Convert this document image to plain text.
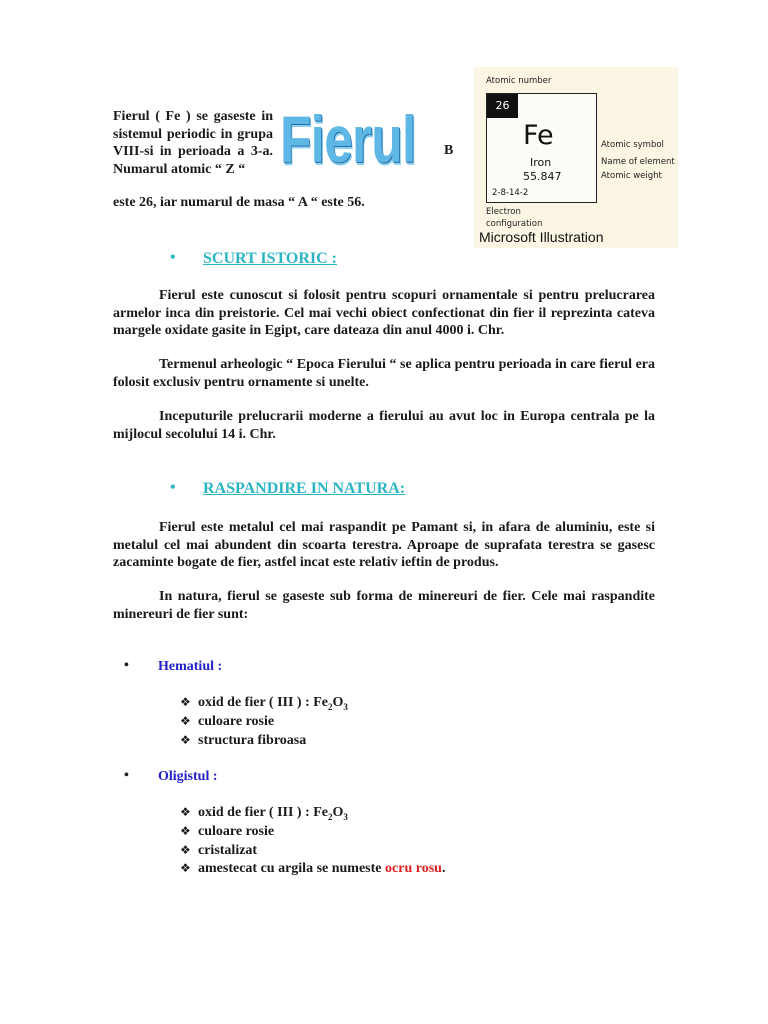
Fierul ( Fe ) se gaseste in sistemul periodic in grupa VIII-si in perioada a 3-a. Numarul atomic “ Z “
este 26, iar numarul de masa “ A “ este 56.
Fierul B
Atomic number
26
Fe
Iron
55.847
2-8-14-2
Atomic symbol
Name of element
Atomic weight
Electron
configuration
Microsoft Illustration
• SCURT ISTORIC :
Fierul este cunoscut si folosit pentru scopuri ornamentale si pentru prelucrarea armelor inca din preistorie. Cel mai vechi obiect confectionat din fier il reprezinta cateva margele oxidate gasite in Egipt, care dateaza din anul 4000 i. Chr.
Termenul arheologic “ Epoca Fierului “ se aplica pentru perioada in care fierul era folosit exclusiv pentru ornamente si unelte.
Inceputurile prelucrarii moderne a fierului au avut loc in Europa centrala pe la mijlocul secolului 14 i. Chr.
• RASPANDIRE IN NATURA:
Fierul este metalul cel mai raspandit pe Pamant si, in afara de aluminiu, este si metalul cel mai abundent din scoarta terestra. Aproape de suprafata terestra se gasesc zacaminte bogate de fier, astfel incat este relativ ieftin de produs.
In natura, fierul se gaseste sub forma de minereuri de fier. Cele mai raspandite minereuri de fier sunt:
• Hematiul :
❖ oxid de fier ( III ) : $Fe_2O_3$
❖ culoare rosie
❖ structura fibroasa
• Oligistul :
❖ oxid de fier ( III ) : $Fe_2O_3$
❖ culoare rosie
❖ cristalizat
❖ amestecat cu argila se numeste ocru rosu.
